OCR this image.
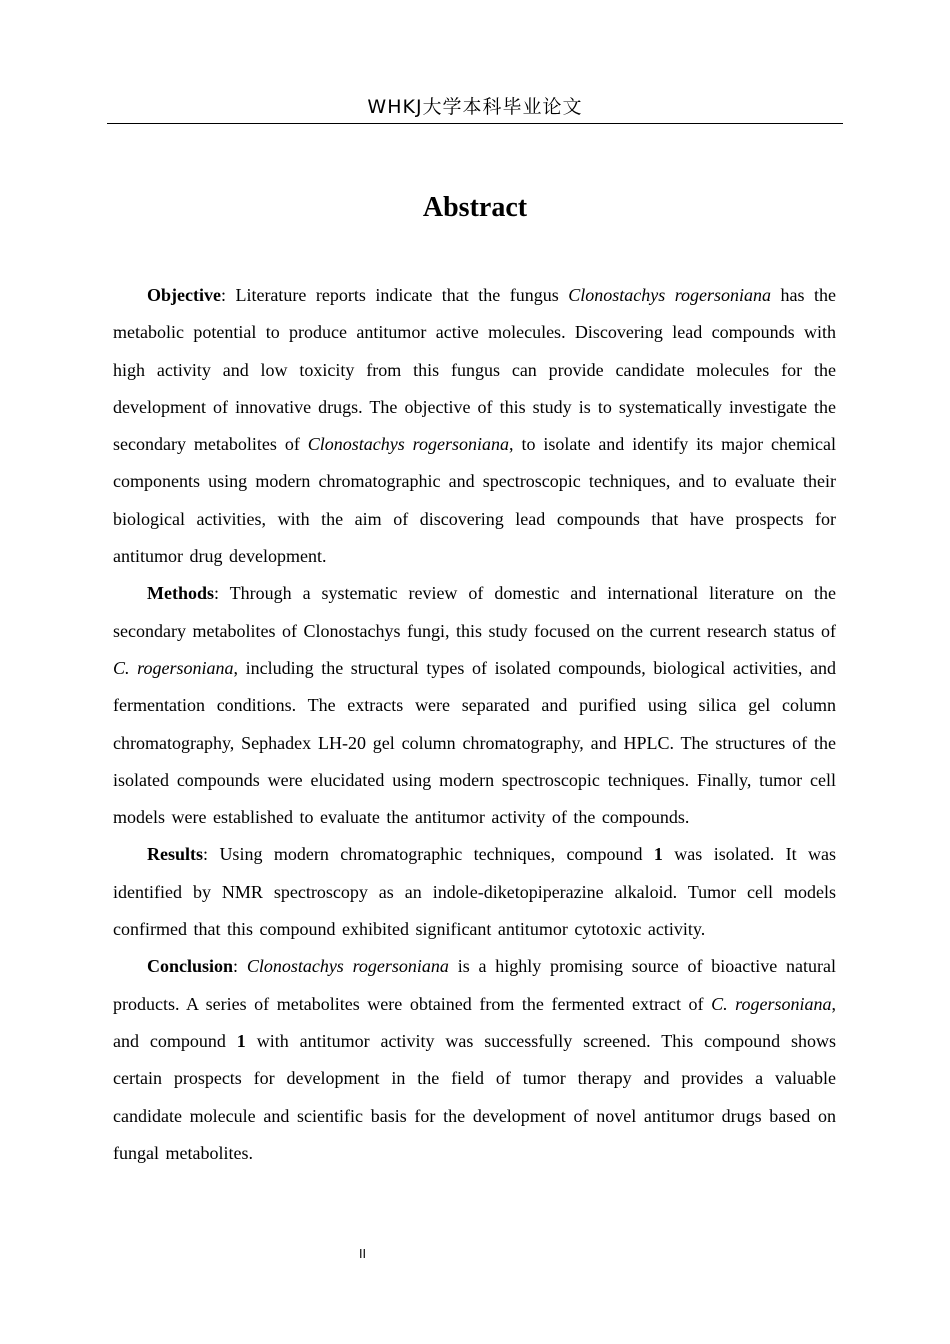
WHKJ大学本科毕业论文
Abstract

Objective: Literature reports indicate that the fungus Clonostachys rogersoniana has the metabolic potential to produce antitumor active molecules. Discovering lead compounds with high activity and low toxicity from this fungus can provide candidate molecules for the development of innovative drugs. The objective of this study is to systematically investigate the secondary metabolites of Clonostachys rogersoniana, to isolate and identify its major chemical components using modern chromatographic and spectroscopic techniques, and to evaluate their biological activities, with the aim of discovering lead compounds that have prospects for antitumor drug development.

Methods: Through a systematic review of domestic and international literature on the secondary metabolites of Clonostachys fungi, this study focused on the current research status of C. rogersoniana, including the structural types of isolated compounds, biological activities, and fermentation conditions. The extracts were separated and purified using silica gel column chromatography, Sephadex LH-20 gel column chromatography, and HPLC. The structures of the isolated compounds were elucidated using modern spectroscopic techniques. Finally, tumor cell models were established to evaluate the antitumor activity of the compounds.

Results: Using modern chromatographic techniques, compound 1 was isolated. It was identified by NMR spectroscopy as an indole-diketopiperazine alkaloid. Tumor cell models confirmed that this compound exhibited significant antitumor cytotoxic activity.

Conclusion: Clonostachys rogersoniana is a highly promising source of bioactive natural products. A series of metabolites were obtained from the fermented extract of C. rogersoniana, and compound 1 with antitumor activity was successfully screened. This compound shows certain prospects for development in the field of tumor therapy and provides a valuable candidate molecule and scientific basis for the development of novel antitumor drugs based on fungal metabolites.

II
